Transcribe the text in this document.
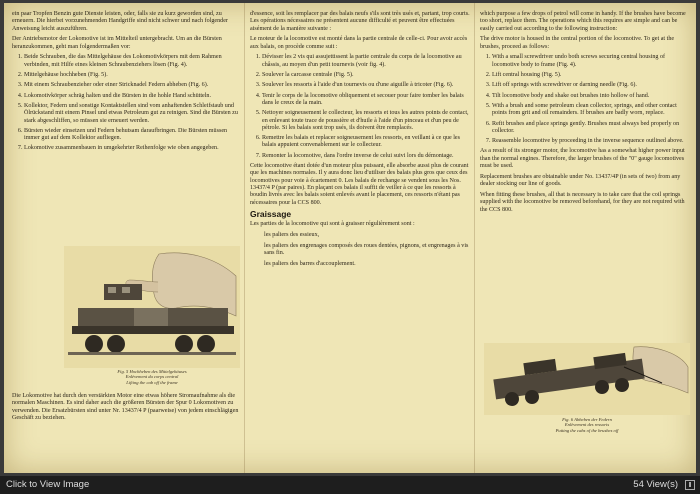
ein paar Tropfen Benzin gute Dienste leisten, oder, falls sie zu kurz geworden sind, zu erneuern. Die hierbei vorzunehmenden Handgriffe sind nicht schwer und nach folgender Anweisung leicht auszuführen.

Der Antriebsmotor der Lokomotive ist im Mittelteil untergebracht. Um an die Bürsten heranzukommen, geht man folgendermaßen vor:

1. Beide Schrauben, die das Mittelgehäuse des Lokomotivkörpers mit dem Rahmen verbinden, mit Hilfe eines kleinen Schraubenziehers lösen (Fig. 4).
2. Mittelgehäuse hochheben (Fig. 5).
3. Mit einem Schraubenzieher oder einer Stricknadel Federn abheben (Fig. 6).
4. Lokomotivkörper schräg halten und die Bürsten in die hohle Hand schütteln.
5. Kollektor, Federn und sonstige Kontaktstellen sind vom anhaftenden Schleifstaub und Ölrückstand mit einem Pinsel und etwas Petroleum gut zu reinigen. Sind die Bürsten zu stark abgeschliffen, so müssen sie erneuert werden.
6. Bürsten wieder einsetzen und Federn behutsam daraufbringen. Die Bürsten müssen immer gut auf dem Kollektor aufliegen.
7. Lokomotive zusammenbauen in umgekehrter Reihenfolge wie oben angegeben.
Fig. 5 Hochheben des Mittelgehäuses
Enlèvement du corps central
Lifting the cab off the frame

Die Lokomotive hat durch den verstärkten Motor eine etwas höhere Stromaufnahme als die normalen Maschinen. Es sind daher auch die größeren Bürsten der Spur 0 Lokomotiven zu verwenden. Die Ersatzbürsten sind unter Nr. 13437/4 P (paarweise) von jedem einschlägigen Geschäft zu beziehen.

d'essence, soit les remplacer par des balais neufs s'ils sont très usés et, partant, trop courts. Les opérations nécessaires ne présentent aucune difficulté et peuvent être effectuées aisément de la manière suivante :

Le moteur de la locomotive est monté dans la partie centrale de celle-ci. Pour avoir accès aux balais, on procède comme suit :

1. Dévisser les 2 vis qui assujettissent la partie centrale du corps de la locomotive au châssis, au moyen d'un petit tournevis (voir fig. 4).
2. Soulever la carcasse centrale (Fig. 5).
3. Soulever les ressorts à l'aide d'un tournevis ou d'une aiguille à tricoter (Fig. 6).
4. Tenir le corps de la locomotive obliquement et secouer pour faire tomber les balais dans le creux de la main.
5. Nettoyer soigneusement le collecteur, les ressorts et tous les autres points de contact, en enlevant toute trace de poussière et d'huile à l'aide d'un pinceau et d'un peu de pétrole. Si les balais sont trop usés, ils doivent être remplacés.
6. Remettre les balais et replacer soigneusement les ressorts, en veillant à ce que les balais appuient convenablement sur le collecteur.
7. Remonter la locomotive, dans l'ordre inverse de celui suivi lors du démontage.

Cette locomotive étant dotée d'un moteur plus puissant, elle absorbe aussi plus de courant que les machines normales. Il y aura donc lieu d'utiliser des balais plus gros que ceux des locomotives pour voie à écartement 0. Les balais de rechange se vendent sous les Nos. 13437/4 P (par paires). En plaçant ces balais il suffit de veiller à ce que les ressorts à boudin livrés avec les balais soient enlevés avant le placement, ces ressorts n'étant pas nécessaires pour la CCS 800.

Graissage

Les parties de la locomotive qui sont à graisser régulièrement sont :

les paliers des essieux,

les paliers des engrenages composés des roues dentées, pignons, et engrenages à vis sans fin.

les paliers des barres d'accouplement.

which purpose a few drops of petrol will come in handy. If the brushes have become too short, replace them. The operations which this requires are simple and can be easily carried out according to the following instruction:

The drive motor is housed in the central portion of the locomotive. To get at the brushes, proceed as follows:

1. With a small screwdriver undo both screws securing central housing of locomotive body to frame (Fig. 4).
2. Lift central housing (Fig. 5).
3. Lift off springs with screwdriver or darning needle (Fig. 6).
4. Tilt locomotive body and shake out brushes into hollow of hand.
5. With a brush and some petroleum clean collector, springs, and other contact points from grit and oil remainders. If brushes are badly worn, replace.
6. Refit brushes and place springs gently. Brushes must always bed properly on collector.
7. Reassemble locomotive by proceeding in the inverse sequence outlined above.

As a result of its stronger motor, the locomotive has a somewhat higher power input than the normal engines. Therefore, the larger brushes of the "0" gauge locomotives must be used.

Replacement brushes are obtainable under No. 13437/4P (in sets of two) from any dealer stocking our line of goods.

When fitting these brushes, all that is necessary is to take care that the coil springs supplied with the locomotive be removed beforehand, for they are not required with the CCS 800.

Fig. 6 Abheben der Federn
Enlèvement des ressorts
Putting the cabs of the brushes off
Click to View Image	54 View(s)
